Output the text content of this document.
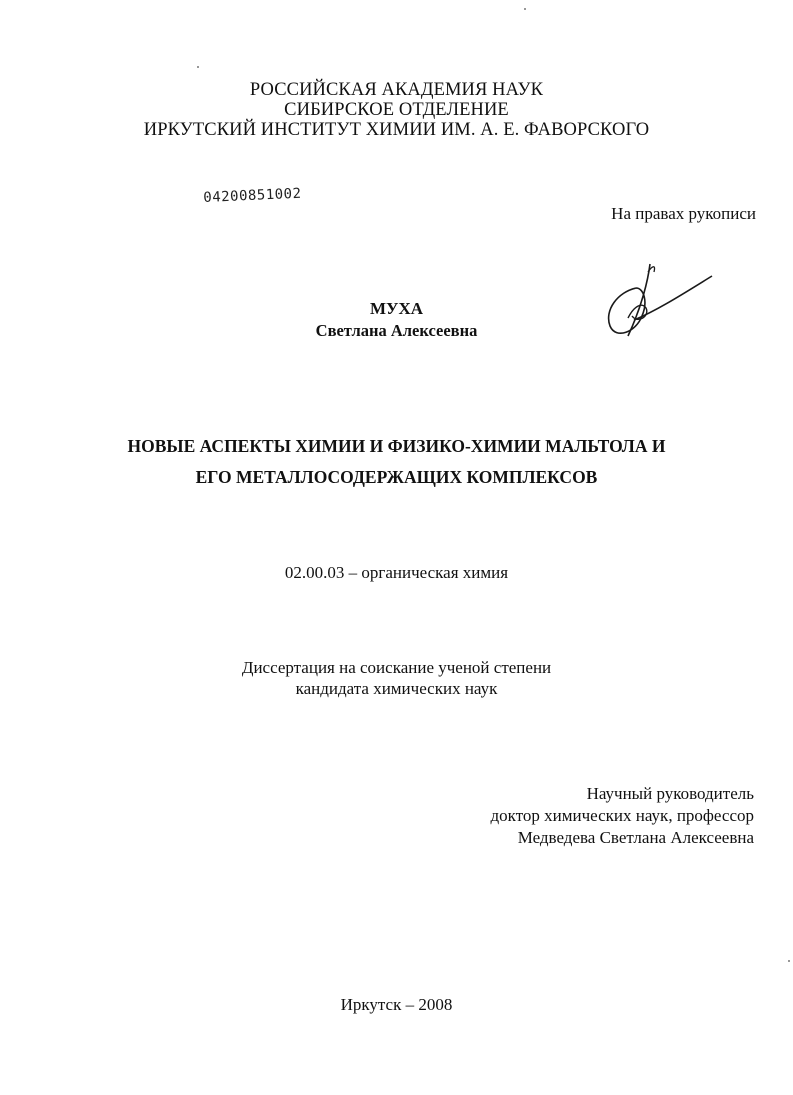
РОССИЙСКАЯ АКАДЕМИЯ НАУК
СИБИРСКОЕ ОТДЕЛЕНИЕ
ИРКУТСКИЙ ИНСТИТУТ ХИМИИ ИМ. А. Е. ФАВОРСКОГО
04200851002
На правах рукописи
МУХА
Светлана Алексеевна
НОВЫЕ АСПЕКТЫ ХИМИИ И ФИЗИКО-ХИМИИ МАЛЬТОЛА И
ЕГО МЕТАЛЛОСОДЕРЖАЩИХ КОМПЛЕКСОВ
02.00.03 – органическая химия
Диссертация на соискание ученой степени
кандидата химических наук
Научный руководитель
доктор химических наук, профессор
Медведева Светлана Алексеевна
Иркутск – 2008
